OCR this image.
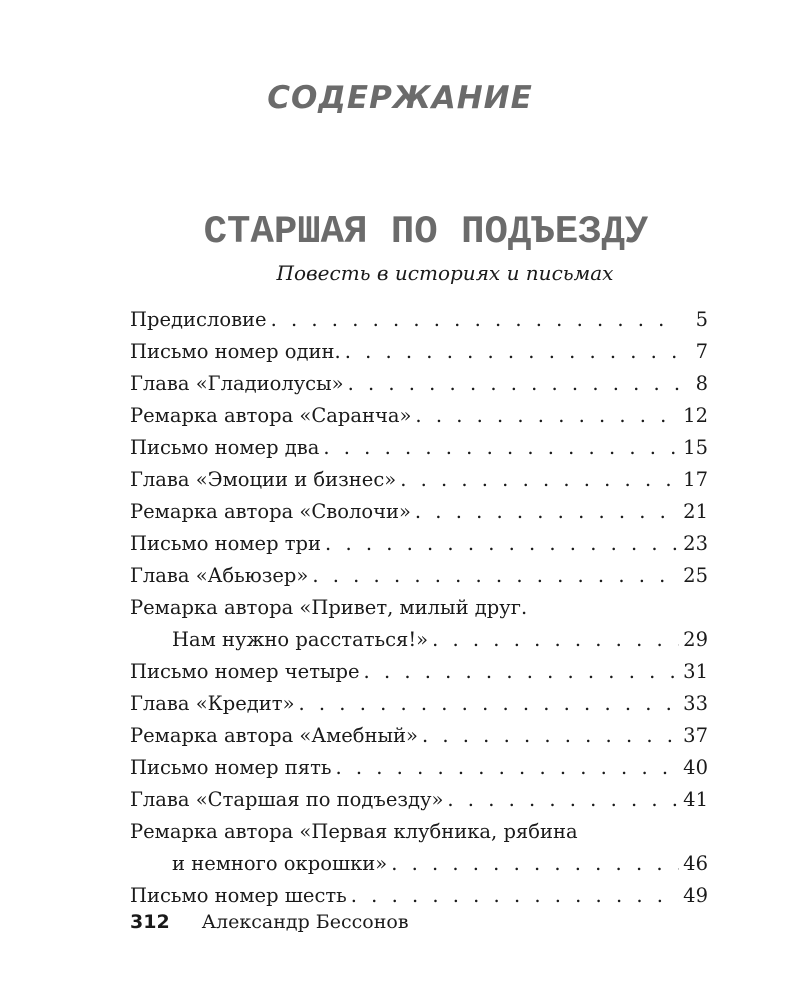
СОДЕРЖАНИЕ
СТАРШАЯ ПО ПОДЪЕЗДУ
Повесть в историях и письмах
Предисловие . . .	5
Письмо номер один. . . .	7
Глава «Гладиолусы» . . .	8
Ремарка автора «Саранча» . . .	12
Письмо номер два . . .	15
Глава «Эмоции и бизнес» . . .	17
Ремарка автора «Сволочи» . . .	21
Письмо номер три . . .	23
Глава «Абьюзер» . . .	25
Ремарка автора «Привет, милый друг.
Нам нужно расстаться!» . . .	29
Письмо номер четыре . . .	31
Глава «Кредит» . . .	33
Ремарка автора «Амебный» . . .	37
Письмо номер пять . . .	40
Глава «Старшая по подъезду» . . .	41
Ремарка автора «Первая клубника, рябина
и немного окрошки» . . .	46
Письмо номер шесть . . .	49
312 Александр Бессонов
